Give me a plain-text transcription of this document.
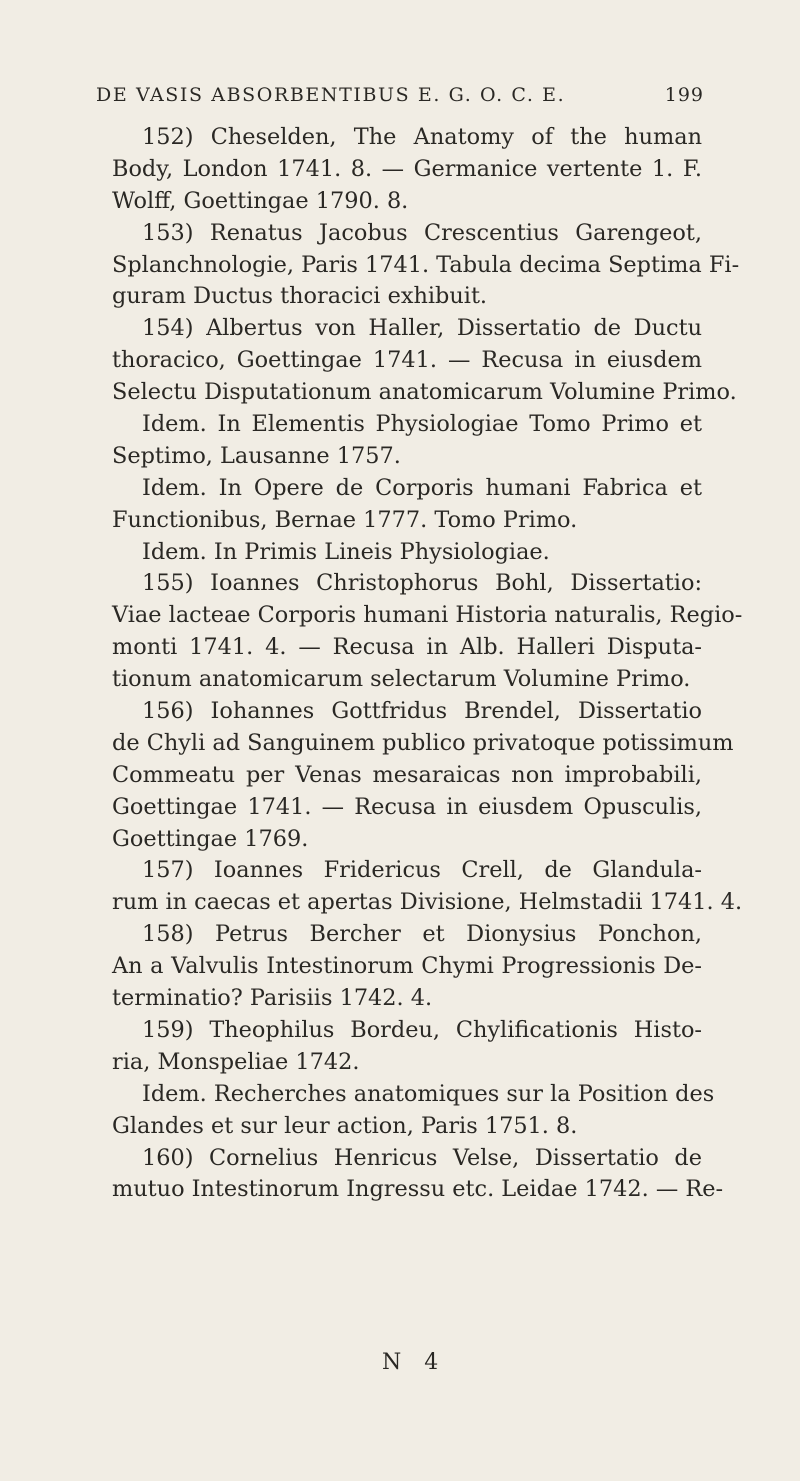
DE VASIS ABSORBENTIBUS E. G. O. C. E.	199
152) Cheselden, The Anatomy of the human
Body, London 1741. 8. — Germanice vertente 1. F.
Wolff, Goettingae 1790. 8.
153) Renatus Jacobus Crescentius Garengeot,
Splanchnologie, Paris 1741. Tabula decima Septima Fi-
guram Ductus thoracici exhibuit.
154) Albertus von Haller, Dissertatio de Ductu
thoracico, Goettingae 1741. — Recusa in eiusdem
Selectu Disputationum anatomicarum Volumine Primo.
Idem. In Elementis Physiologiae Tomo Primo et
Septimo, Lausanne 1757.
Idem. In Opere de Corporis humani Fabrica et
Functionibus, Bernae 1777. Tomo Primo.
Idem. In Primis Lineis Physiologiae.
155) Ioannes Christophorus Bohl, Dissertatio:
Viae lacteae Corporis humani Historia naturalis, Regio-
monti 1741. 4. — Recusa in Alb. Halleri Disputa-
tionum anatomicarum selectarum Volumine Primo.
156) Iohannes Gottfridus Brendel, Dissertatio
de Chyli ad Sanguinem publico privatoque potissimum
Commeatu per Venas mesaraicas non improbabili,
Goettingae 1741. — Recusa in eiusdem Opusculis,
Goettingae 1769.
157) Ioannes Fridericus Crell, de Glandula-
rum in caecas et apertas Divisione, Helmstadii 1741. 4.
158) Petrus Bercher et Dionysius Ponchon,
An a Valvulis Intestinorum Chymi Progressionis De-
terminatio? Parisiis 1742. 4.
159) Theophilus Bordeu, Chylificationis Histo-
ria, Monspeliae 1742.
Idem. Recherches anatomiques sur la Position des
Glandes et sur leur action, Paris 1751. 8.
160) Cornelius Henricus Velse, Dissertatio de
mutuo Intestinorum Ingressu etc. Leidae 1742. — Re-
N 4
